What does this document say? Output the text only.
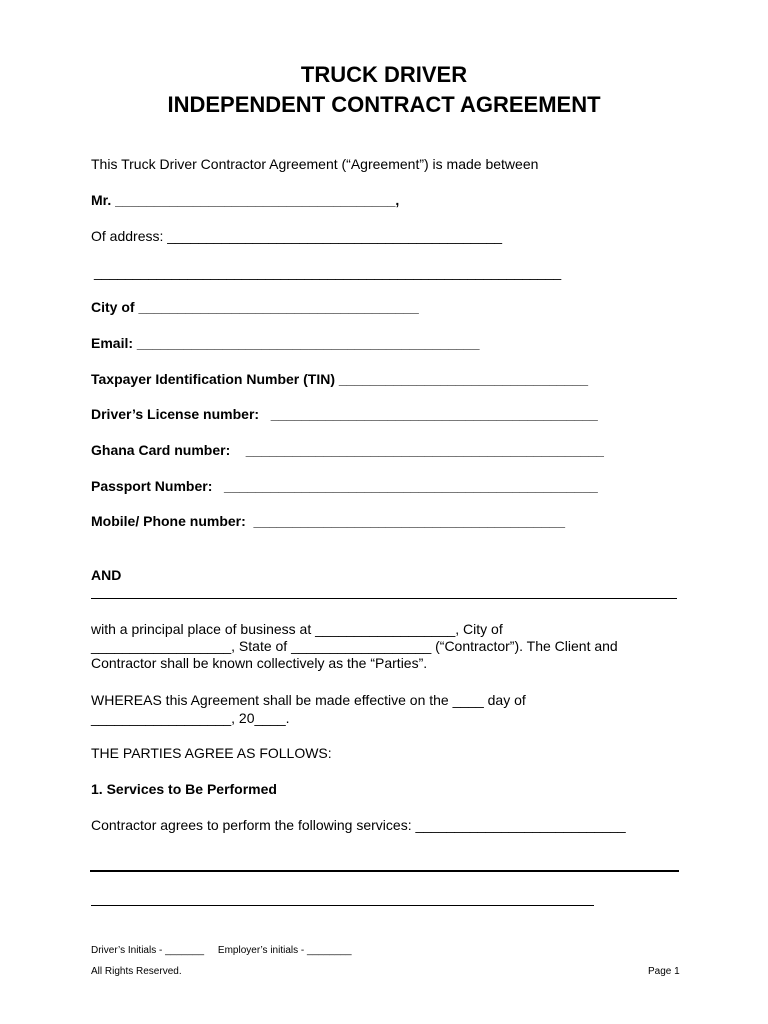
TRUCK DRIVER
INDEPENDENT CONTRACT AGREEMENT
This Truck Driver Contractor Agreement (“Agreement”) is made between
Mr. ____________________________________,
Of address: ___________________________________________
____________________________________________________________
City of ____________________________________
Email: ____________________________________________
Taxpayer Identification Number (TIN) ________________________________
Driver’s License number:   __________________________________________
Ghana Card number:    ______________________________________________
Passport Number:   ________________________________________________
Mobile/ Phone number:  ________________________________________
AND
with a principal place of business at __________________, City of
__________________, State of __________________ (“Contractor”). The Client and
Contractor shall be known collectively as the “Parties”.
WHEREAS this Agreement shall be made effective on the ____ day of
__________________, 20____.
THE PARTIES AGREE AS FOLLOWS:
1. Services to Be Performed
Contractor agrees to perform the following services: ___________________________
Driver’s Initials - _______     Employer’s initials - ________
All Rights Reserved.	Page 1
